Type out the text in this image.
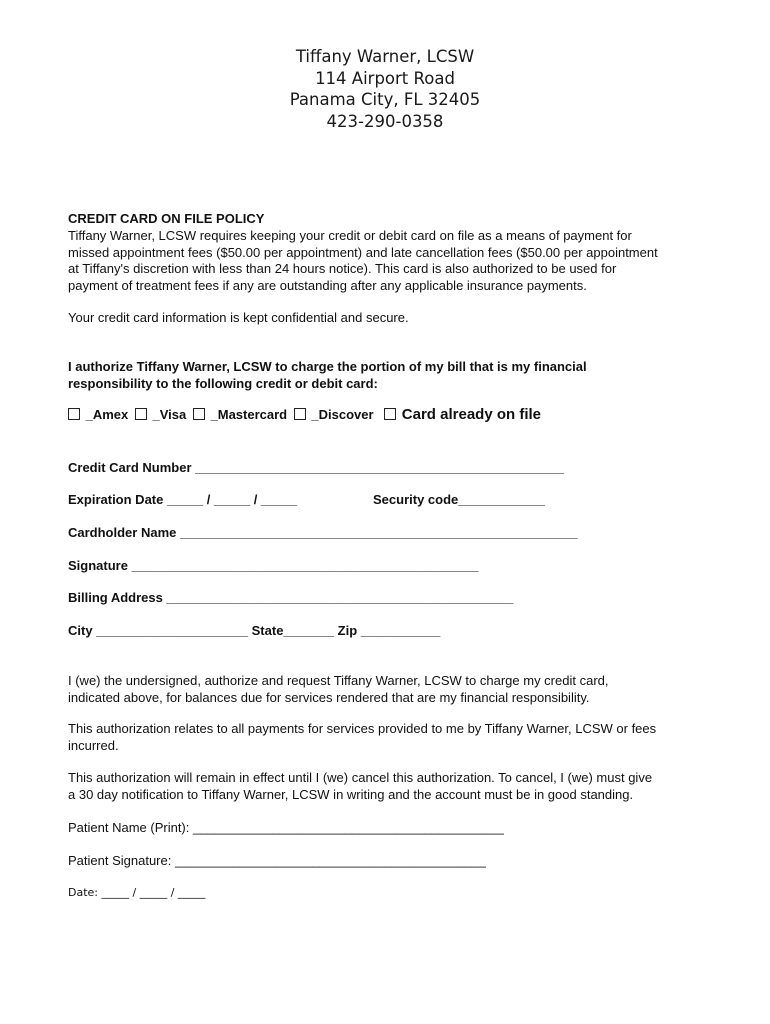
Tiffany Warner, LCSW
114 Airport Road
Panama City, FL 32405
423-290-0358
CREDIT CARD ON FILE POLICY
Tiffany Warner, LCSW requires keeping your credit or debit card on file as a means of payment for
missed appointment fees ($50.00 per appointment) and late cancellation fees ($50.00 per appointment
at Tiffany's discretion with less than 24 hours notice). This card is also authorized to be used for
payment of treatment fees if any are outstanding after any applicable insurance payments.
Your credit card information is kept confidential and secure.
I authorize Tiffany Warner, LCSW to charge the portion of my bill that is my financial
responsibility to the following credit or debit card:
_Amex _Visa _Mastercard _Discover Card already on file
Credit Card Number ___________________________________________________
Expiration Date _____ / _____ / _____	Security code____________
Cardholder Name _______________________________________________________
Signature ________________________________________________
Billing Address ________________________________________________
City _____________________ State_______ Zip ___________
I (we) the undersigned, authorize and request Tiffany Warner, LCSW to charge my credit card,
indicated above, for balances due for services rendered that are my financial responsibility.
This authorization relates to all payments for services provided to me by Tiffany Warner, LCSW or fees
incurred.
This authorization will remain in effect until I (we) cancel this authorization. To cancel, I (we) must give
a 30 day notification to Tiffany Warner, LCSW in writing and the account must be in good standing.
Patient Name (Print): ___________________________________________
Patient Signature: ___________________________________________
Date: _____ / _____ / _____
